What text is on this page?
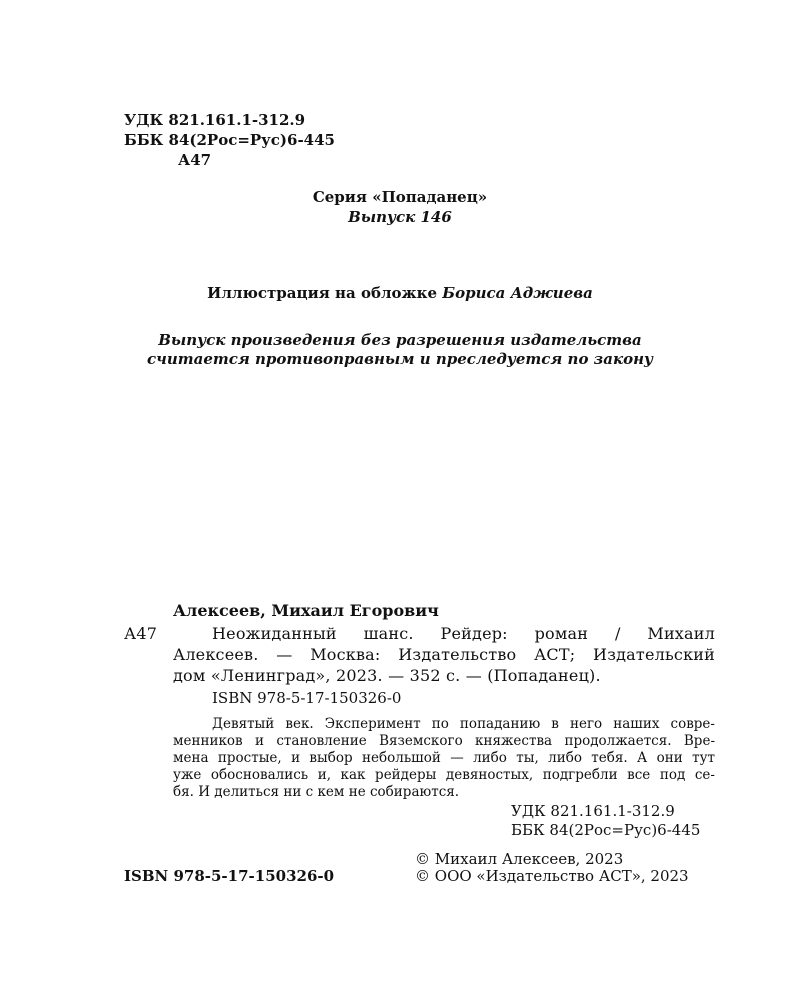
УДК 821.161.1-312.9
ББК 84(2Рос=Рус)6-445
А47
Серия «Попаданец»
Выпуск 146
Иллюстрация на обложке Бориса Аджиева
Выпуск произведения без разрешения издательства
считается противоправным и преследуется по закону
Алексеев, Михаил Егорович
А47	Неожиданный шанс. Рейдер: роман / Михаил
Алексеев. — Москва: Издательство АСТ; Издательский
дом «Ленинград», 2023. — 352 с. — (Попаданец).
ISBN 978-5-17-150326-0
Девятый век. Эксперимент по попаданию в него наших совре-
менников и становление Вяземского княжества продолжается. Вре-
мена простые, и выбор небольшой — либо ты, либо тебя. А они тут
уже обосновались и, как рейдеры девяностых, подгребли все под се-
бя. И делиться ни с кем не собираются.
УДК 821.161.1-312.9
ББК 84(2Рос=Рус)6-445
© Михаил Алексеев, 2023
ISBN 978-5-17-150326-0	© ООО «Издательство АСТ», 2023
